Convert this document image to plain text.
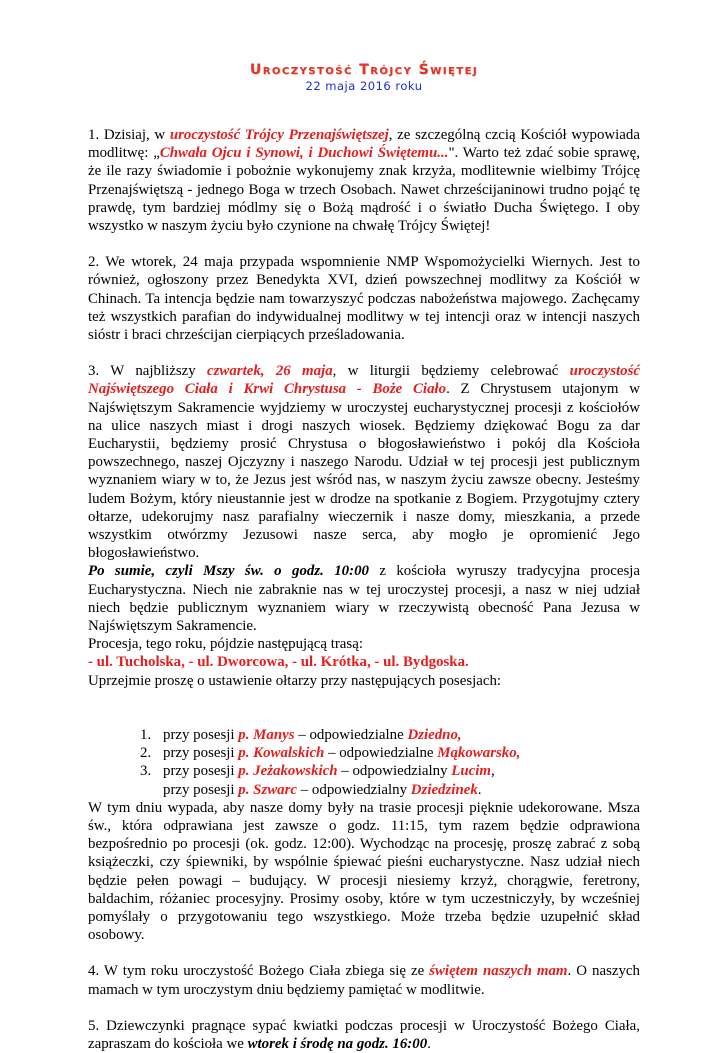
Uroczystość Trójcy Świętej
22 maja 2016 roku

1. Dzisiaj, w uroczystość Trójcy Przenajświętszej, ze szczególną czcią Kościół wypowiada modlitwę: „Chwała Ojcu i Synowi, i Duchowi Świętemu...". Warto też zdać sobie sprawę, że ile razy świadomie i pobożnie wykonujemy znak krzyża, modlitewnie wielbimy Trójcę Przenajświętszą - jednego Boga w trzech Osobach. Nawet chrześcijaninowi trudno pojąć tę prawdę, tym bardziej módlmy się o Bożą mądrość i o światło Ducha Świętego. I oby wszystko w naszym życiu było czynione na chwałę Trójcy Świętej!

2. We wtorek, 24 maja przypada wspomnienie NMP Wspomożycielki Wiernych. Jest to również, ogłoszony przez Benedykta XVI, dzień powszechnej modlitwy za Kościół w Chinach. Ta intencja będzie nam towarzyszyć podczas nabożeństwa majowego. Zachęcamy też wszystkich parafian do indywidualnej modlitwy w tej intencji oraz w intencji naszych sióstr i braci chrześcijan cierpiących prześladowania.

3. W najbliższy czwartek, 26 maja, w liturgii będziemy celebrować uroczystość Najświętszego Ciała i Krwi Chrystusa - Boże Ciało. Z Chrystusem utajonym w Najświętszym Sakramencie wyjdziemy w uroczystej eucharystycznej procesji z kościołów na ulice naszych miast i drogi naszych wiosek. Będziemy dziękować Bogu za dar Eucharystii, będziemy prosić Chrystusa o błogosławieństwo i pokój dla Kościoła powszechnego, naszej Ojczyzny i naszego Narodu. Udział w tej procesji jest publicznym wyznaniem wiary w to, że Jezus jest wśród nas, w naszym życiu zawsze obecny. Jesteśmy ludem Bożym, który nieustannie jest w drodze na spotkanie z Bogiem. Przygotujmy cztery ołtarze, udekorujmy nasz parafialny wieczernik i nasze domy, mieszkania, a przede wszystkim otwórzmy Jezusowi nasze serca, aby mogło je opromienić Jego błogosławieństwo.

Po sumie, czyli Mszy św. o godz. 10:00 z kościoła wyruszy tradycyjna procesja Eucharystyczna. Niech nie zabraknie nas w tej uroczystej procesji, a nasz w niej udział niech będzie publicznym wyznaniem wiary w rzeczywistą obecność Pana Jezusa w Najświętszym Sakramencie.

Procesja, tego roku, pójdzie następującą trasą:

- ul. Tucholska, - ul. Dworcowa, - ul. Krótka, - ul. Bydgoska.

Uprzejmie proszę o ustawienie ołtarzy przy następujących posesjach:

1. przy posesji p. Manys – odpowiedzialne Dziedno,
2. przy posesji p. Kowalskich – odpowiedzialne Mąkowarsko,
3. przy posesji p. Jeżakowskich – odpowiedzialny Lucim,
przy posesji p. Szwarc – odpowiedzialny Dziedzinek.

W tym dniu wypada, aby nasze domy były na trasie procesji pięknie udekorowane. Msza św., która odprawiana jest zawsze o godz. 11:15, tym razem będzie odprawiona bezpośrednio po procesji (ok. godz. 12:00). Wychodząc na procesję, proszę zabrać z sobą książeczki, czy śpiewniki, by wspólnie śpiewać pieśni eucharystyczne. Nasz udział niech będzie pełen powagi – budujący. W procesji niesiemy krzyż, chorągwie, feretrony, baldachim, różaniec procesyjny. Prosimy osoby, które w tym uczestniczyły, by wcześniej pomyślały o przygotowaniu tego wszystkiego. Może trzeba będzie uzupełnić skład osobowy.

4. W tym roku uroczystość Bożego Ciała zbiega się ze świętem naszych mam. O naszych mamach w tym uroczystym dniu będziemy pamiętać w modlitwie.

5. Dziewczynki pragnące sypać kwiatki podczas procesji w Uroczystość Bożego Ciała, zapraszam do kościoła we wtorek i środę na godz. 16:00.
